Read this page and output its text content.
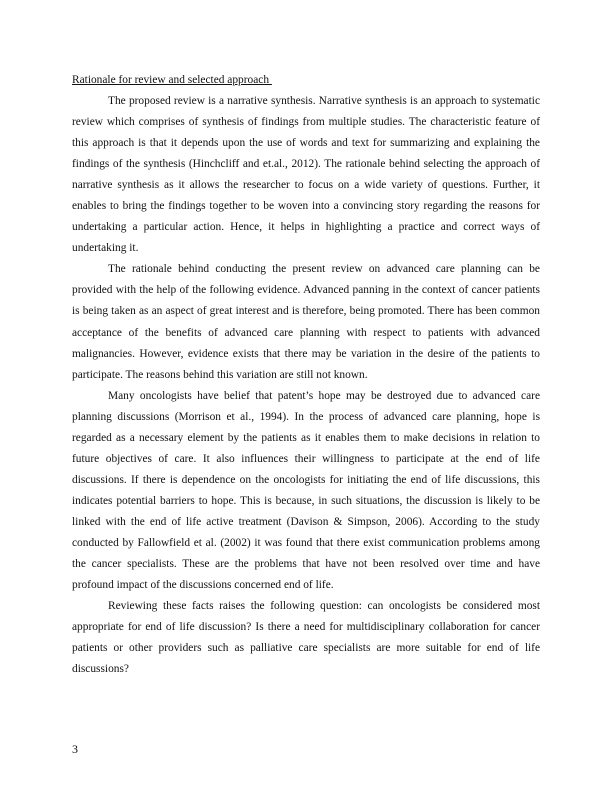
Rationale for review and selected approach

The proposed review is a narrative synthesis. Narrative synthesis is an approach to systematic review which comprises of synthesis of findings from multiple studies. The characteristic feature of this approach is that it depends upon the use of words and text for summarizing and explaining the findings of the synthesis (Hinchcliff and et.al., 2012). The rationale behind selecting the approach of narrative synthesis as it allows the researcher to focus on a wide variety of questions. Further, it enables to bring the findings together to be woven into a convincing story regarding the reasons for undertaking a particular action. Hence, it helps in highlighting a practice and correct ways of undertaking it.

The rationale behind conducting the present review on advanced care planning can be provided with the help of the following evidence. Advanced panning in the context of cancer patients is being taken as an aspect of great interest and is therefore, being promoted. There has been common acceptance of the benefits of advanced care planning with respect to patients with advanced malignancies. However, evidence exists that there may be variation in the desire of the patients to participate. The reasons behind this variation are still not known.

Many oncologists have belief that patent’s hope may be destroyed due to advanced care planning discussions (Morrison et al., 1994). In the process of advanced care planning, hope is regarded as a necessary element by the patients as it enables them to make decisions in relation to future objectives of care. It also influences their willingness to participate at the end of life discussions. If there is dependence on the oncologists for initiating the end of life discussions, this indicates potential barriers to hope. This is because, in such situations, the discussion is likely to be linked with the end of life active treatment (Davison & Simpson, 2006). According to the study conducted by Fallowfield et al. (2002) it was found that there exist communication problems among the cancer specialists. These are the problems that have not been resolved over time and have profound impact of the discussions concerned end of life.

Reviewing these facts raises the following question: can oncologists be considered most appropriate for end of life discussion? Is there a need for multidisciplinary collaboration for cancer patients or other providers such as palliative care specialists are more suitable for end of life discussions?

3
